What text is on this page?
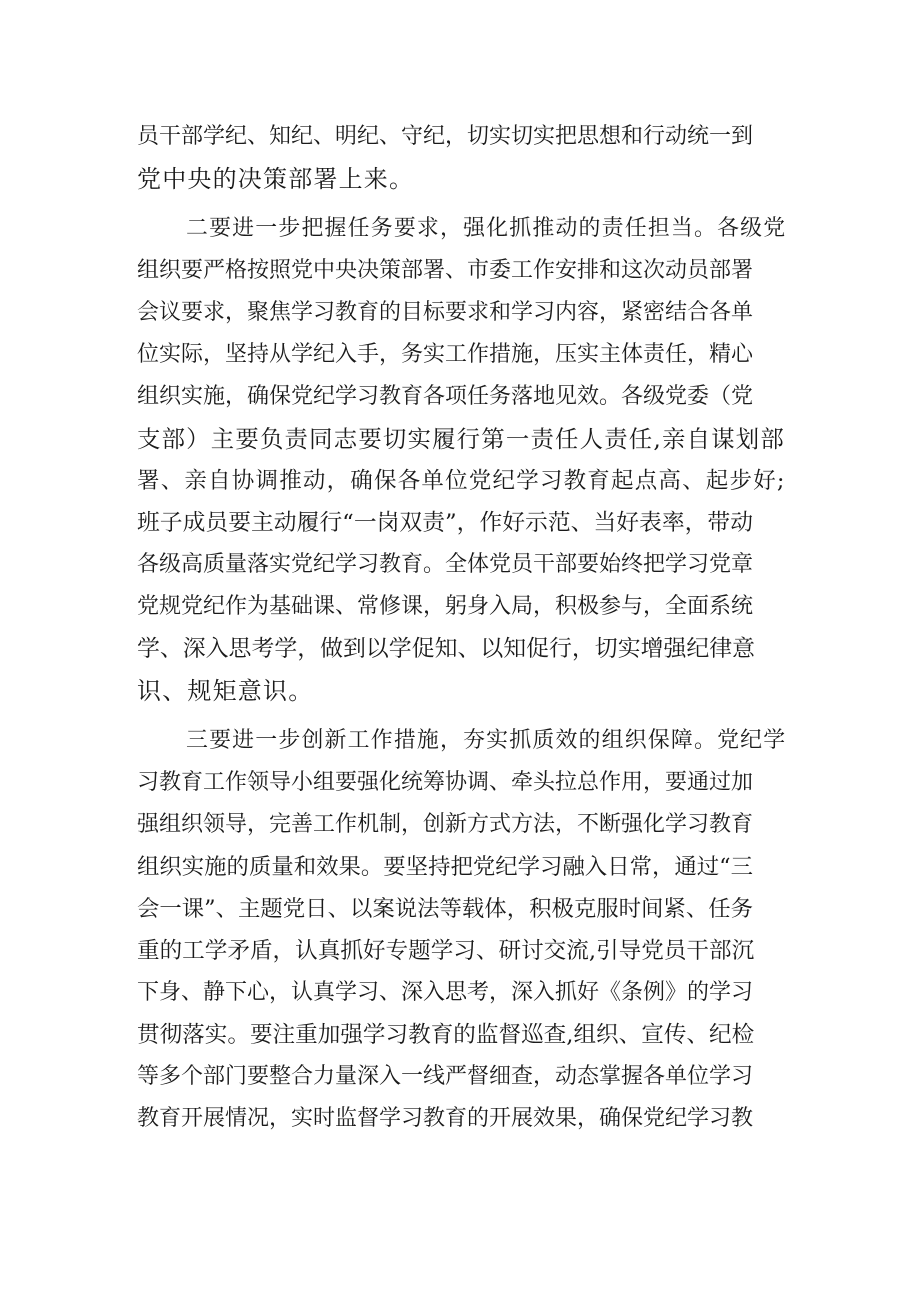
员干部学纪、知纪、明纪、守纪，切实切实把思想和行动统一到
党中央的决策部署上来。
二要进一步把握任务要求，强化抓推动的责任担当。各级党
组织要严格按照党中央决策部署、市委工作安排和这次动员部署
会议要求，聚焦学习教育的目标要求和学习内容，紧密结合各单
位实际，坚持从学纪入手，务实工作措施，压实主体责任，精心
组织实施，确保党纪学习教育各项任务落地见效。各级党委（党
支部）主要负责同志要切实履行第一责任人责任,亲自谋划部
署、亲自协调推动，确保各单位党纪学习教育起点高、起步好;
班子成员要主动履行“一岗双责”，作好示范、当好表率，带动
各级高质量落实党纪学习教育。全体党员干部要始终把学习党章
党规党纪作为基础课、常修课，躬身入局，积极参与，全面系统
学、深入思考学，做到以学促知、以知促行，切实增强纪律意
识、规矩意识。
三要进一步创新工作措施，夯实抓质效的组织保障。党纪学
习教育工作领导小组要强化统筹协调、牵头拉总作用，要通过加
强组织领导，完善工作机制，创新方式方法，不断强化学习教育
组织实施的质量和效果。要坚持把党纪学习融入日常，通过“三
会一课”、主题党日、以案说法等载体，积极克服时间紧、任务
重的工学矛盾，认真抓好专题学习、研讨交流,引导党员干部沉
下身、静下心，认真学习、深入思考，深入抓好《条例》的学习
贯彻落实。要注重加强学习教育的监督巡查,组织、宣传、纪检
等多个部门要整合力量深入一线严督细查，动态掌握各单位学习
教育开展情况，实时监督学习教育的开展效果，确保党纪学习教
